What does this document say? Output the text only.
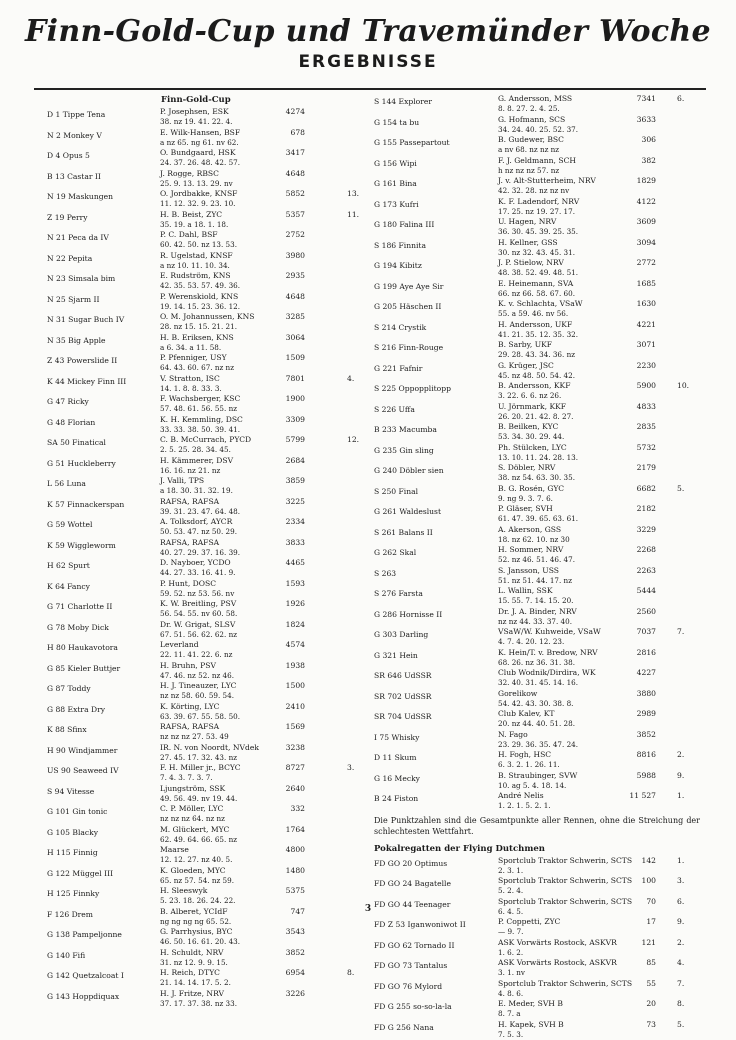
Finn-Gold-Cup und Travemünder Woche
ERGEBNISSE
Finn-Gold-Cup
D 1 Tippe Tena	P. Josephsen, ESK
38. nz 19. 41. 22. 4.
4274
N 2 Monkey V	E. Wilk-Hansen, BSF
a nz 65. ng 61. nv 62.
678
D 4 Opus 5	O. Bundgaard, HSK
24. 37. 26. 48. 42. 57.
3417
B 13 Castar II	J. Rogge, RBSC
25. 9. 13. 13. 29. nv
4648
N 19 Maskungen	O. Jordbakke, KNSF
11. 12. 32. 9. 23. 10.
5852	13.
Z 19 Perry	H. B. Beist, ZYC
35. 19. a 18. 1. 18.
5357	11.
N 21 Peca da IV	P. C. Dahl, BSF
60. 42. 50. nz 13. 53.
2752
N 22 Pepita	R. Ugelstad, KNSF
a nz 10. 11. 10. 34.
3980
N 23 Simsala bim	E. Rudström, KNS
42. 35. 53. 57. 49. 36.
2935
N 25 Sjarm II	P. Werenskiold, KNS
19. 14. 15. 23. 36. 12.
4648
N 31 Sugar Buch IV	O. M. Johannussen, KNS
28. nz 15. 15. 21. 21.
3285
N 35 Big Apple	H. B. Eriksen, KNS
a 6. 34. a 11. 58.
3064
Z 43 Powerslide II	P. Pfenniger, USY
64. 43. 60. 67. nz nz
1509
K 44 Mickey Finn III	V. Stratton, ISC
14. 1. 8. 8. 33. 3.
7801	4.
G 47 Ricky	F. Wachsberger, KSC
57. 48. 61. 56. 55. nz
1900
G 48 Florian	K. H. Kemmling, DSC
33. 33. 38. 50. 39. 41.
3309
SA 50 Finatical	C. B. McCurrach, PYCD
2. 5. 25. 28. 34. 45.
5799	12.
G 51 Huckleberry	H. Kämmerer, DSV
16. 16. nz 21. nz
2684
L 56 Luna	J. Valli, TPS
a 18. 30. 31. 32. 19.
3859
K 57 Finnackerspan	RAFSA, RAFSA
39. 31. 23. 47. 64. 48.
3225
G 59 Wottel	A. Tolksdorf, AYCR
50. 53. 47. nz 50. 29.
2334
K 59 Wiggleworm	RAFSA, RAFSA
40. 27. 29. 37. 16. 39.
3833
H 62 Spurt	D. Nayboer, YCDO
44. 27. 33. 16. 41. 9.
4465
K 64 Fancy	P. Hunt, DOSC
59. 52. nz 53. 56. nv
1593
G 71 Charlotte II	K. W. Breitling, PSV
56. 54. 55. nv 60. 58.
1926
G 78 Moby Dick	Dr. W. Grigat, SLSV
67. 51. 56. 62. 62. nz
1824
H 80 Haukavotora	Leverland
22. 11. 41. 22. 6. nz
4574
G 85 Kieler Buttjer	H. Bruhn, PSV
47. 46. nz 52. nz 46.
1938
G 87 Toddy	H. J. Tineauzer, LYC
nz nz 58. 60. 59. 54.
1500
G 88 Extra Dry	K. Körting, LYC
63. 39. 67. 55. 58. 50.
2410
K 88 Sfinx	RAFSA, RAFSA
nz nz nz 27. 53. 49
1569
H 90 Windjammer	IR. N. von Noordt, NVdek
27. 45. 17. 32. 43. nz
3238
US 90 Seaweed IV	F. H. Miller jr., BCYC
7. 4. 3. 7. 3. 7.
8727	3.
S 94 Vitesse	Ljungström, SSK
49. 56. 49. nv 19. 44.
2640
G 101 Gin tonic	C. P. Möller, LYC
nz nz nz 64. nz nz
332
G 105 Blacky	M. Glückert, MYC
62. 49. 64. 66. 65. nz
1764
H 115 Finnig	Maarse
12. 12. 27. nz 40. 5.
4800
G 122 Müggel III	K. Gloeden, MYC
65. nz 57. 54. nz 59.
1480
H 125 Finnky	H. Sleeswyk
5. 23. 18. 26. 24. 22.
5375
F 126 Drem	B. Alberet, YCIdF
ng ng ng ng 65. 52.
747
G 138 Pampeljonne	G. Parrhysius, BYC
46. 50. 16. 61. 20. 43.
3543
G 140 Fifi	H. Schuldt, NRV
31. nz 12. 9. 9. 15.
3852
G 142 Quetzalcoat I	H. Reich, DTYC
21. 14. 14. 17. 5. 2.
6954	8.
G 143 Hoppdiquax	H. J. Fritze, NRV
37. 17. 37. 38. nz 33.
3226
S 144 Explorer	G. Andersson, MSS
8. 8. 27. 2. 4. 25.
7341	6.
G 154 ta bu	G. Hofmann, SCS
34. 24. 40. 25. 52. 37.
3633
G 155 Passepartout	B. Gudewer, BSC
a nv 68. nz nz nz
306
G 156 Wipi	F. J. Geldmann, SCH
h nz nz nz 57. nz
382
G 161 Bina	J. v. Alt-Stutterheim, NRV
42. 32. 28. nz nz nv
1829
G 173 Kufri	K. F. Ladendorf, NRV
17. 25. nz 19. 27. 17.
4122
G 180 Falina III	U. Hagen, NRV
36. 30. 45. 39. 25. 35.
3609
S 186 Finnita	H. Kellner, GSS
30. nz 32. 43. 45. 31.
3094
G 194 Kibitz	J. P. Stielow, NRV
48. 38. 52. 49. 48. 51.
2772
G 199 Aye Aye Sir	E. Heinemann, SVA
66. nz 66. 58. 67. 60.
1685
G 205 Häschen II	K. v. Schlachta, VSaW
55. a 59. 46. nv 56.
1630
S 214 Crystik	H. Andersson, UKF
41. 21. 35. 12. 35. 32.
4221
S 216 Finn-Rouge	B. Sarby, UKF
29. 28. 43. 34. 36. nz
3071
G 221 Fafnir	G. Krüger, JSC
45. nz 48. 50. 54. 42.
2230
S 225 Oppopplitopp	B. Andersson, KKF
3. 22. 6. 6. nz 26.
5900	10.
S 226 Uffa	U. Jörnmark, KKF
26. 20. 21. 42. 8. 27.
4833
B 233 Macumba	B. Beilken, KYC
53. 34. 30. 29. 44.
2835
G 235 Gin sling	Ph. Stülcken, LYC
13. 10. 11. 24. 28. 13.
5732
G 240 Döbler sien	S. Döbler, NRV
38. nz 54. 63. 30. 35.
2179
S 250 Final	B. G. Rosén, GYC
9. ng 9. 3. 7. 6.
6682	5.
G 261 Waldeslust	P. Gläser, SVH
61. 47. 39. 65. 63. 61.
2182
S 261 Balans II	A. Akerson, GSS
18. nz 62. 10. nz 30
3229
G 262 Skal	H. Sommer, NRV
52. nz 46. 51. 46. 47.
2268
S 263	S. Jansson, USS
51. nz 51. 44. 17. nz
2263
S 276 Farsta	L. Wallin, SSK
15. 55. 7. 14. 15. 20.
5444
G 286 Hornisse II	Dr. J. A. Binder, NRV
nz nz 44. 33. 37. 40.
2560
G 303 Darling	VSaW/W. Kuhweide, VSaW
4. 7. 4. 20. 12. 23.
7037	7.
G 321 Hein	K. Hein/T. v. Bredow, NRV
68. 26. nz 36. 31. 38.
2816
SR 646 UdSSR	Club Wodnik/Dirdira, WK
32. 40. 31. 45. 14. 16.
4227
SR 702 UdSSR	Gorelikow
54. 42. 43. 30. 38. 8.
3880
SR 704 UdSSR	Club Kalev, KT
20. nz 44. 40. 51. 28.
2989
I 75 Whisky	N. Fago
23. 29. 36. 35. 47. 24.
3852
D 11 Skum	H. Fogh, HSC
6. 3. 2. 1. 26. 11.
8816	2.
G 16 Mecky	B. Straubinger, SVW
10. ag 5. 4. 18. 14.
5988	9.
B 24 Fiston	André Nelis
1. 2. 1. 5. 2. 1.
11 527	1.
Die Punktzahlen sind die Gesamtpunkte aller Rennen, ohne die Streichung der schlechtesten Wettfahrt.
Pokalregatten der Flying Dutchmen
FD GO 20 Optimus	Sportclub Traktor Schwerin, SCTS
2. 3. 1.
142	1.
FD GO 24 Bagatelle	Sportclub Traktor Schwerin, SCTS
5. 2. 4.
100	3.
FD GO 44 Teenager	Sportclub Traktor Schwerin, SCTS
6. 4. 5.
70	6.
FD Z 53 Iganwoniwot II	P. Coppetti, ZYC
— 9. 7.
17	9.
FD GO 62 Tornado II	ASK Vorwärts Rostock, ASKVR
1. 6. 2.
121	2.
FD GO 73 Tantalus	ASK Vorwärts Rostock, ASKVR
3. 1. nv
85	4.
FD GO 76 Mylord	Sportclub Traktor Schwerin, SCTS
4. 8. 6.
55	7.
FD G 255 so-so-la-la	E. Meder, SVH B
8. 7. a
20	8.
FD G 256 Nana	H. Kapek, SVH B
7. 5. 3.
73	5.
3
